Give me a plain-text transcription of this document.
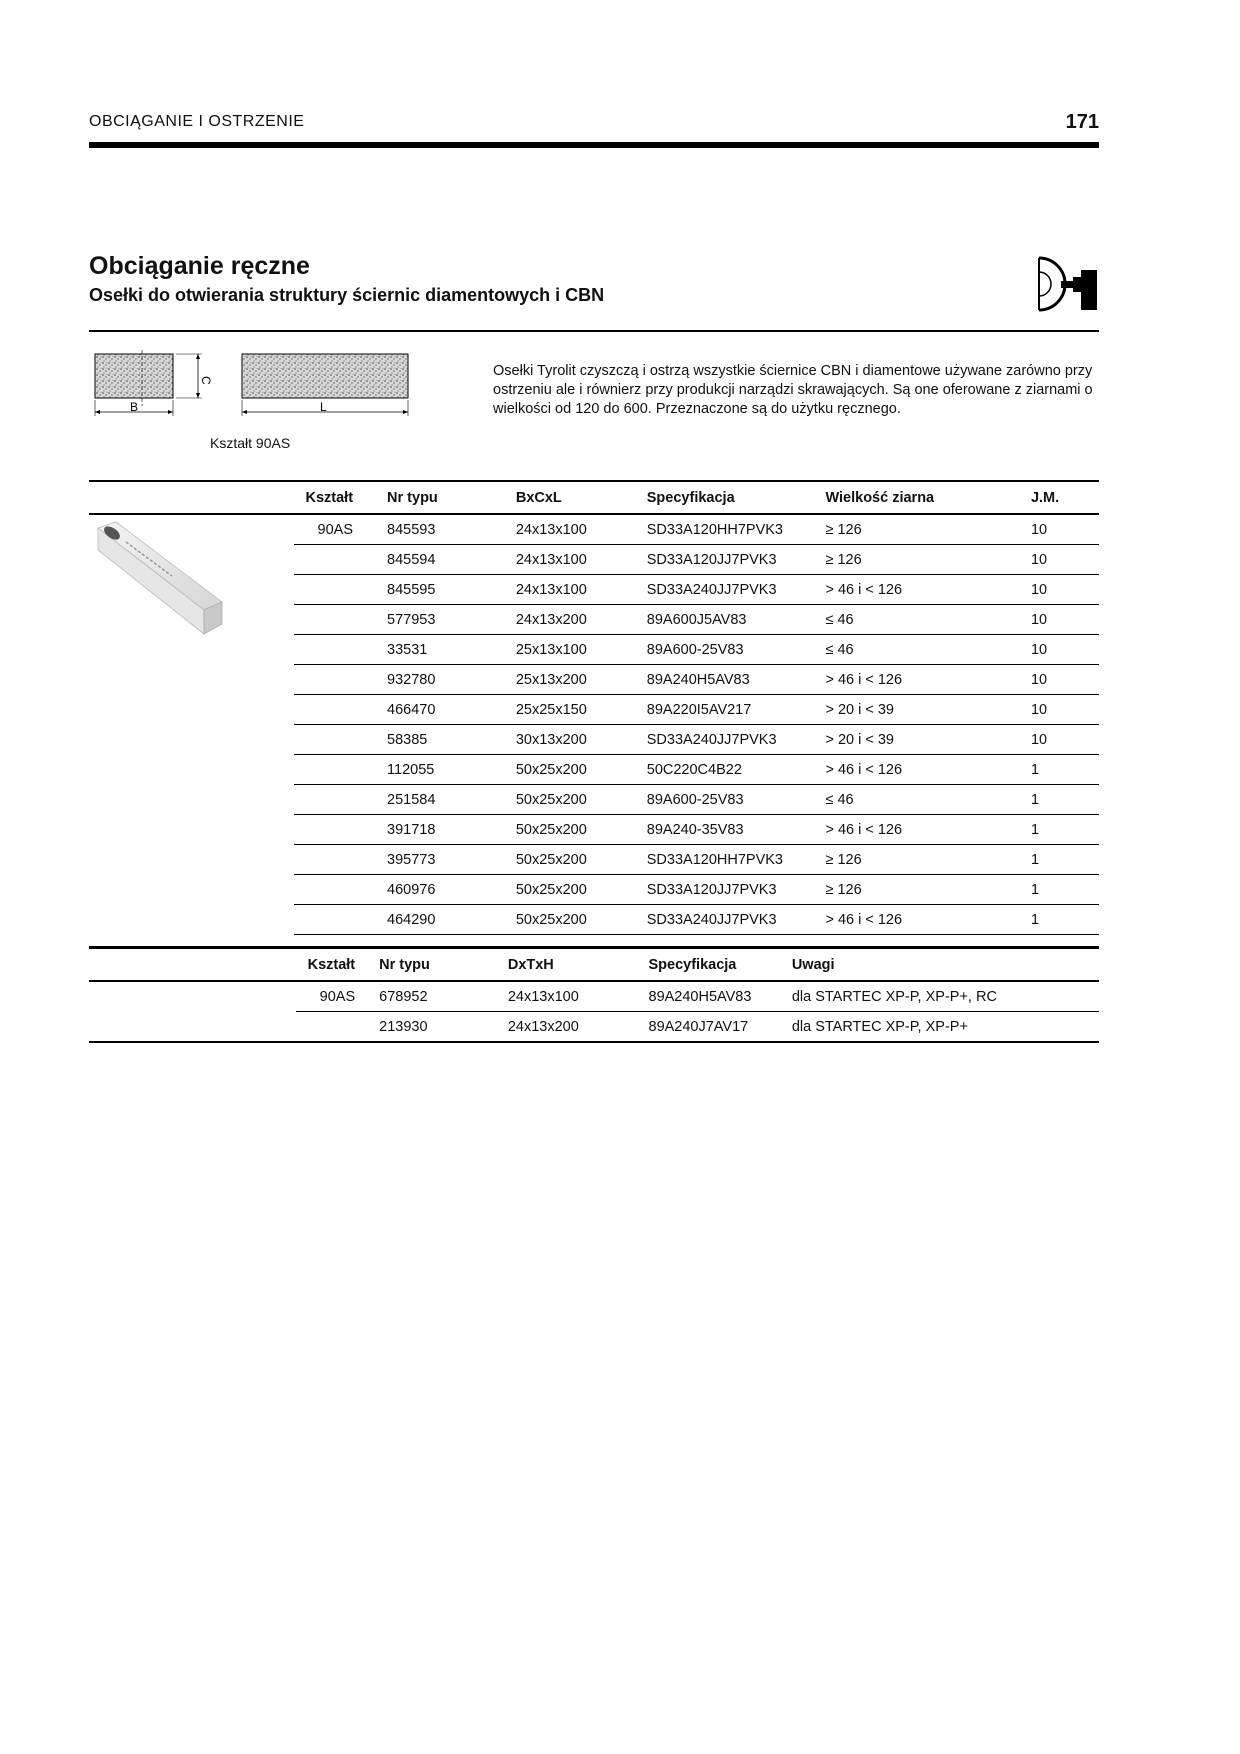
OBCIĄGANIE I OSTRZENIE	171
Obciąganie ręczne
Osełki do otwierania struktury ściernic diamentowych i CBN
B
C
L
Kształt 90AS
Osełki Tyrolit czyszczą i ostrzą wszystkie ściernice CBN i diamentowe używane zarówno przy ostrzeniu ale i równierz przy produkcji narządzi skrawających. Są one oferowane z ziarnami o wielkości od 120 do 600. Przeznaczone są do użytku ręcznego.
	Kształt	Nr typu	BxCxL	Specyfikacja	Wielkość ziarna	J.M.
	90AS	845593	24x13x100	SD33A120HH7PVK3	≥ 126	10
		845594	24x13x100	SD33A120JJ7PVK3	≥ 126	10
		845595	24x13x100	SD33A240JJ7PVK3	> 46 i < 126	10
		577953	24x13x200	89A600J5AV83	≤ 46	10
		33531	25x13x100	89A600-25V83	≤ 46	10
		932780	25x13x200	89A240H5AV83	> 46 i < 126	10
		466470	25x25x150	89A220I5AV217	> 20 i < 39	10
		58385	30x13x200	SD33A240JJ7PVK3	> 20 i < 39	10
		112055	50x25x200	50C220C4B22	> 46 i < 126	1
		251584	50x25x200	89A600-25V83	≤ 46	1
		391718	50x25x200	89A240-35V83	> 46 i < 126	1
		395773	50x25x200	SD33A120HH7PVK3	≥ 126	1
		460976	50x25x200	SD33A120JJ7PVK3	≥ 126	1
		464290	50x25x200	SD33A240JJ7PVK3	> 46 i < 126	1
	Kształt	Nr typu	DxTxH	Specyfikacja	Uwagi
	90AS	678952	24x13x100	89A240H5AV83	dla STARTEC XP-P, XP-P+, RC
		213930	24x13x200	89A240J7AV17	dla STARTEC XP-P, XP-P+
